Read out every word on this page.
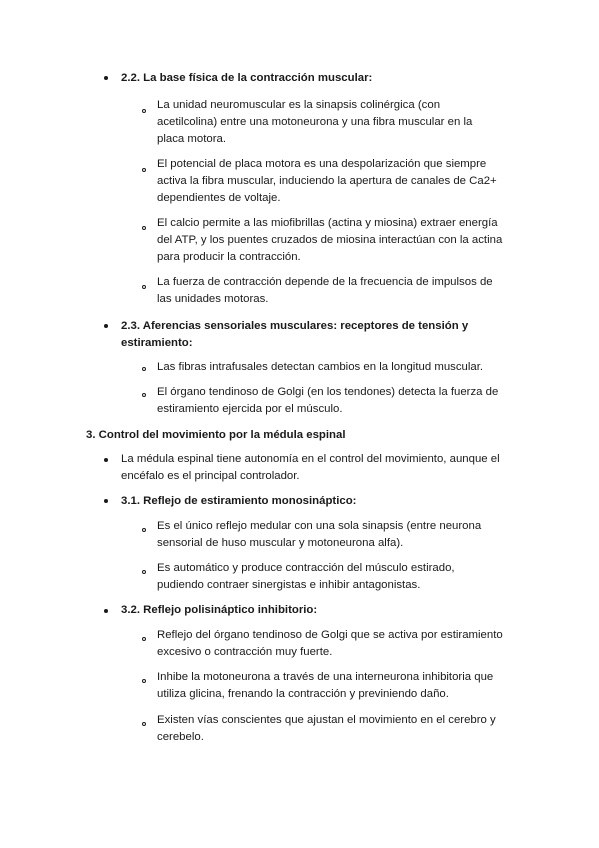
2.2. La base física de la contracción muscular:
La unidad neuromuscular es la sinapsis colinérgica (con
acetilcolina) entre una motoneurona y una fibra muscular en la
placa motora.
El potencial de placa motora es una despolarización que siempre
activa la fibra muscular, induciendo la apertura de canales de Ca2+
dependientes de voltaje.
El calcio permite a las miofibrillas (actina y miosina) extraer energía
del ATP, y los puentes cruzados de miosina interactúan con la actina
para producir la contracción.
La fuerza de contracción depende de la frecuencia de impulsos de
las unidades motoras.
2.3. Aferencias sensoriales musculares: receptores de tensión y
estiramiento:
Las fibras intrafusales detectan cambios en la longitud muscular.
El órgano tendinoso de Golgi (en los tendones) detecta la fuerza de
estiramiento ejercida por el músculo.
3. Control del movimiento por la médula espinal
La médula espinal tiene autonomía en el control del movimiento, aunque el
encéfalo es el principal controlador.
3.1. Reflejo de estiramiento monosináptico:
Es el único reflejo medular con una sola sinapsis (entre neurona
sensorial de huso muscular y motoneurona alfa).
Es automático y produce contracción del músculo estirado,
pudiendo contraer sinergistas e inhibir antagonistas.
3.2. Reflejo polisináptico inhibitorio:
Reflejo del órgano tendinoso de Golgi que se activa por estiramiento
excesivo o contracción muy fuerte.
Inhibe la motoneurona a través de una interneurona inhibitoria que
utiliza glicina, frenando la contracción y previniendo daño.
Existen vías conscientes que ajustan el movimiento en el cerebro y
cerebelo.
